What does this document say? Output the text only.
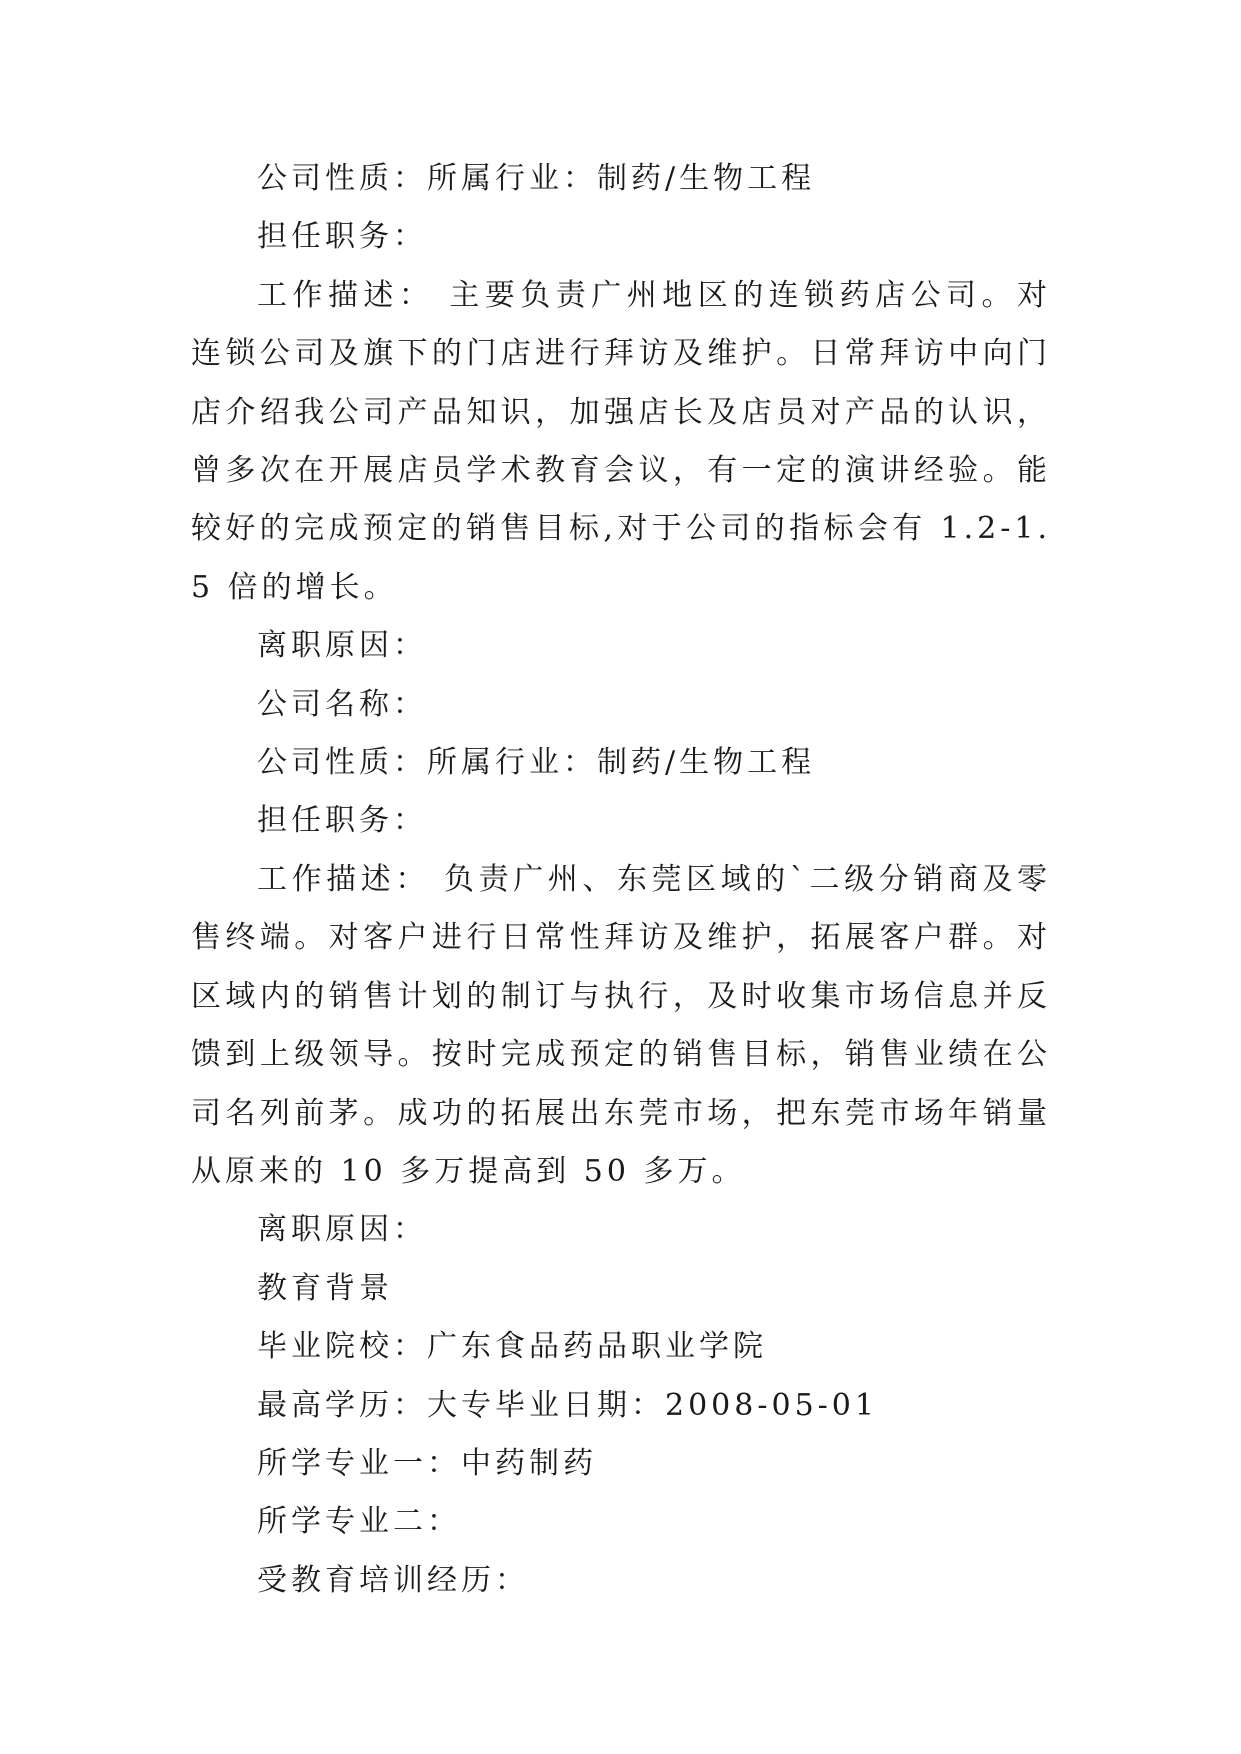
公司性质：所属行业：制药/生物工程

担任职务：

工作描述： 主要负责广州地区的连锁药店公司。对连锁公司及旗下的门店进行拜访及维护。日常拜访中向门店介绍我公司产品知识，加强店长及店员对产品的认识，曾多次在开展店员学术教育会议，有一定的演讲经验。能较好的完成预定的销售目标,对于公司的指标会有 1.2-1.5 倍的增长。

离职原因：

公司名称：

公司性质：所属行业：制药/生物工程

担任职务：

工作描述： 负责广州、东莞区域的`二级分销商及零售终端。对客户进行日常性拜访及维护，拓展客户群。对区域内的销售计划的制订与执行，及时收集市场信息并反馈到上级领导。按时完成预定的销售目标，销售业绩在公司名列前茅。成功的拓展出东莞市场，把东莞市场年销量从原来的 10 多万提高到 50 多万。

离职原因：

教育背景

毕业院校：广东食品药品职业学院

最高学历：大专毕业日期：2008-05-01

所学专业一：中药制药

所学专业二：

受教育培训经历：
